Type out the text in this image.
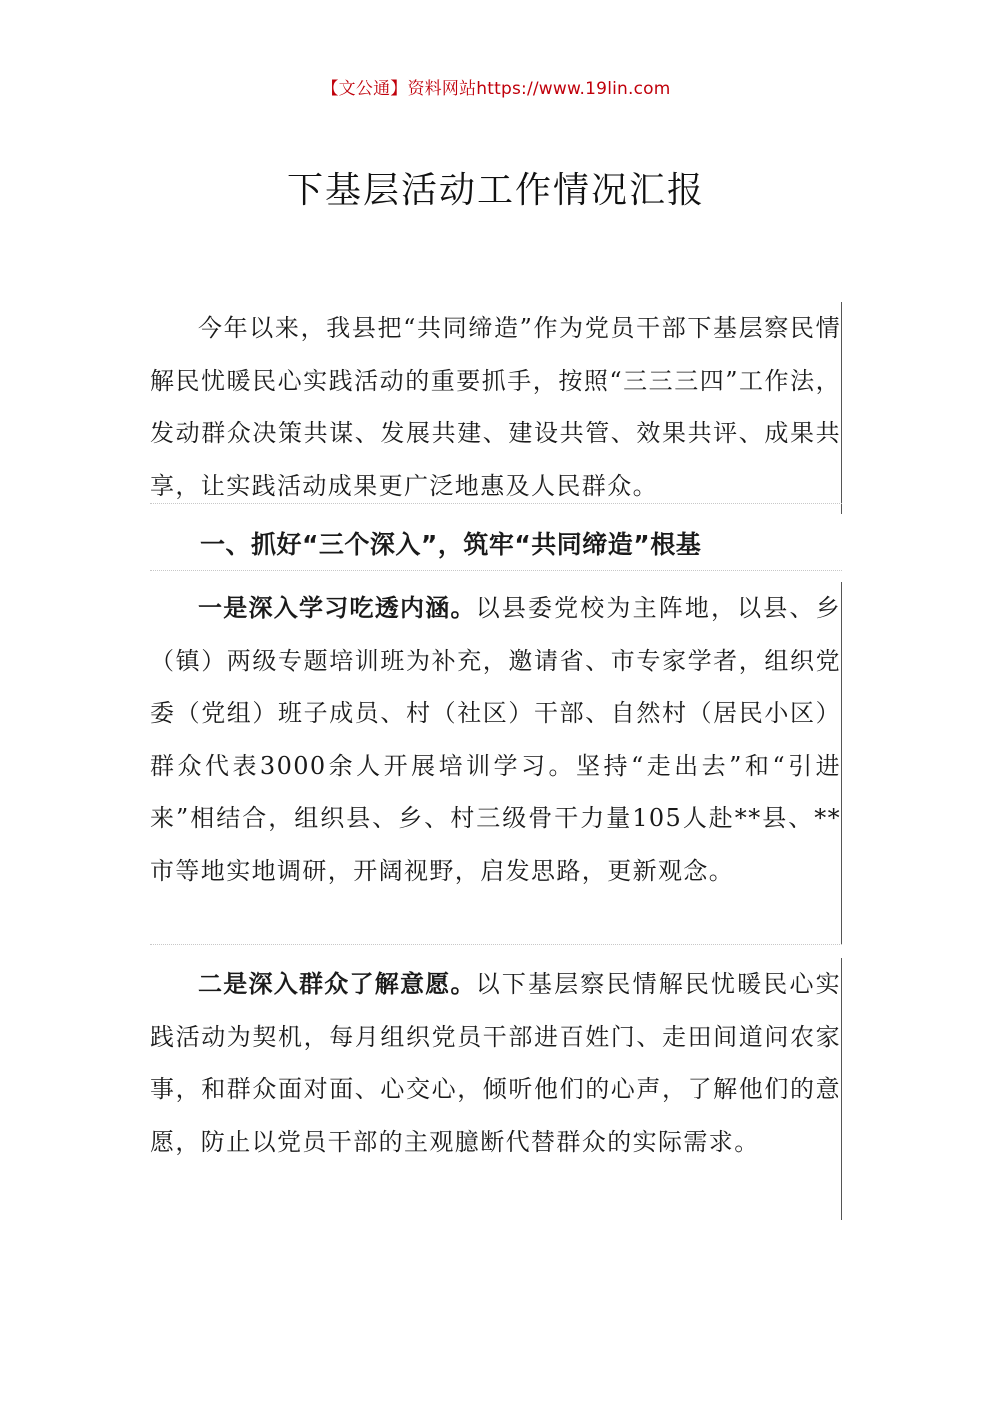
【文公通】资料网站https://www.19lin.com
下基层活动工作情况汇报

今年以来，我县把“共同缔造”作为党员干部下基层察民情解民忧暖民心实践活动的重要抓手，按照“三三三四”工作法，发动群众决策共谋、发展共建、建设共管、效果共评、成果共享，让实践活动成果更广泛地惠及人民群众。

一、抓好“三个深入”，筑牢“共同缔造”根基

一是深入学习吃透内涵。以县委党校为主阵地，以县、乡（镇）两级专题培训班为补充，邀请省、市专家学者，组织党委（党组）班子成员、村（社区）干部、自然村（居民小区）群众代表3000余人开展培训学习。坚持“走出去”和“引进来”相结合，组织县、乡、村三级骨干力量105人赴**县、**市等地实地调研，开阔视野，启发思路，更新观念。

二是深入群众了解意愿。以下基层察民情解民忧暖民心实践活动为契机，每月组织党员干部进百姓门、走田间道问农家事，和群众面对面、心交心，倾听他们的心声，了解他们的意愿，防止以党员干部的主观臆断代替群众的实际需求。
